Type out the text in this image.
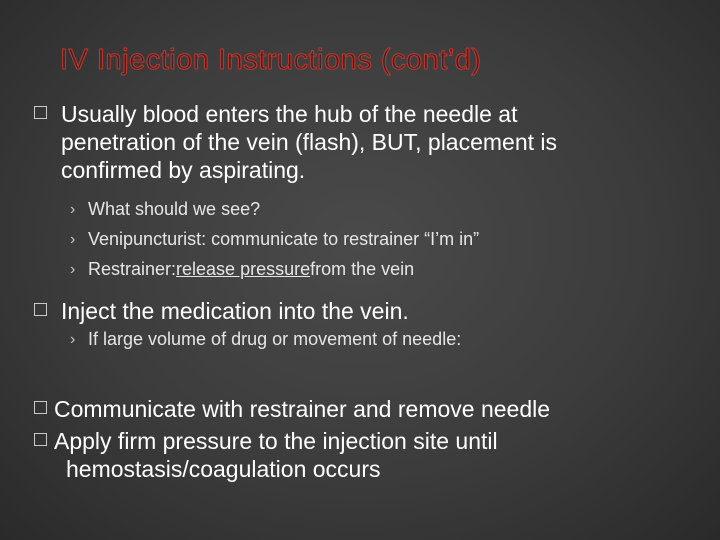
IV Injection Instructions (cont’d)
Usually blood enters the hub of the needle at
penetration of the vein (flash), BUT, placement is
confirmed by aspirating.
› What should we see?
› Venipuncturist: communicate to restrainer “I’m in”
› Restrainer: release pressure from the vein
Inject the medication into the vein.
› If large volume of drug or movement of needle:
Communicate with restrainer and remove needle
Apply firm pressure to the injection site until
hemostasis/coagulation occurs
